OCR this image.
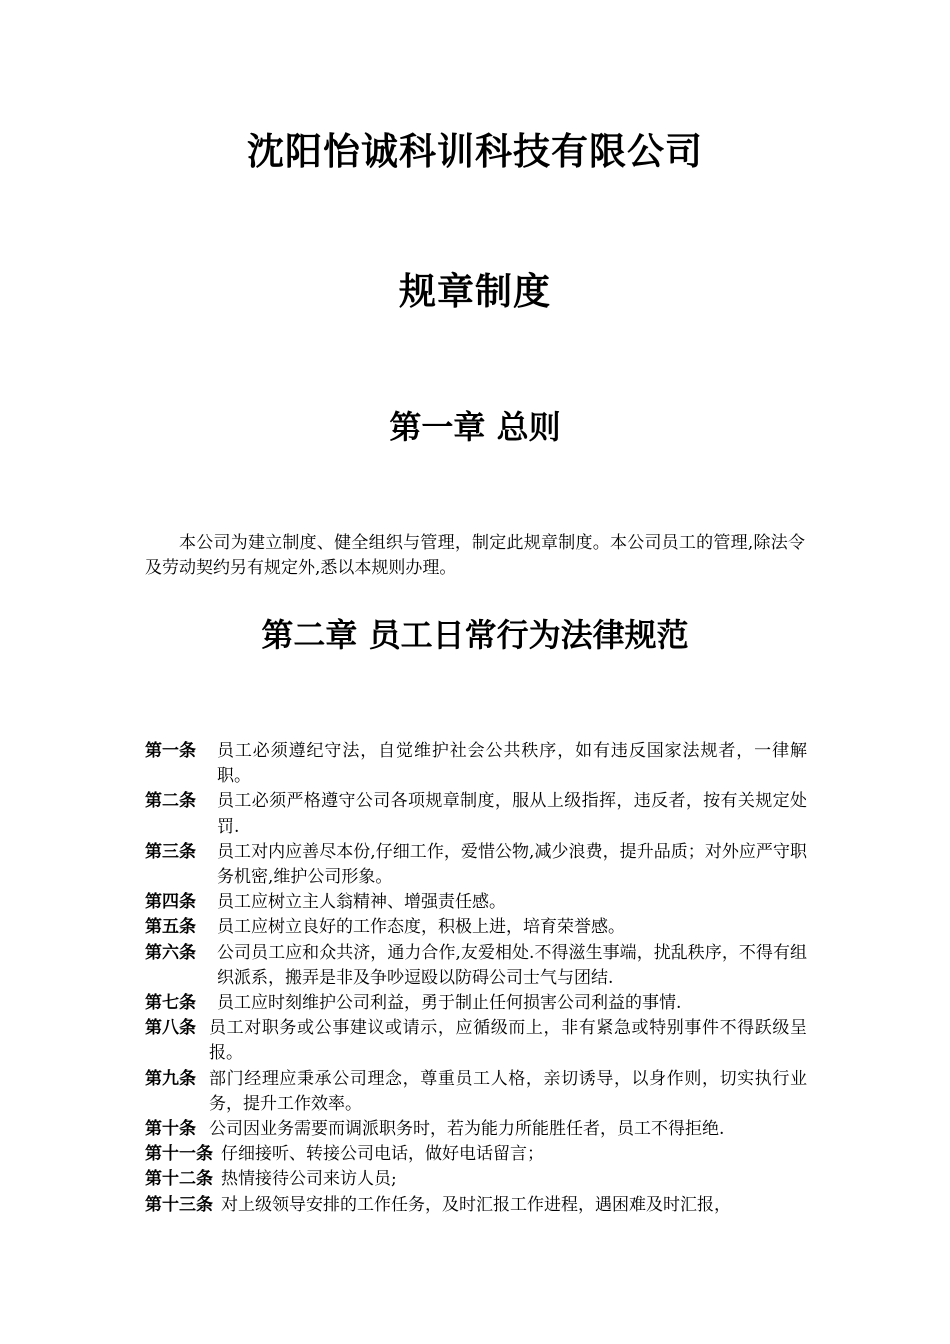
沈阳怡诚科训科技有限公司
规章制度
第一章 总则

本公司为建立制度、健全组织与管理，制定此规章制度。本公司员工的管理,除法令及劳动契约另有规定外,悉以本规则办理。

第二章 员工日常行为法律规范
第一条	员工必须遵纪守法，自觉维护社会公共秩序，如有违反国家法规者，一律解职。
第二条	员工必须严格遵守公司各项规章制度，服从上级指挥，违反者，按有关规定处罚.
第三条	员工对内应善尽本份,仔细工作，爱惜公物,减少浪费，提升品质；对外应严守职务机密,维护公司形象。
第四条	员工应树立主人翁精神、增强责任感。
第五条	员工应树立良好的工作态度，积极上进，培育荣誉感。
第六条	公司员工应和众共济，通力合作,友爱相处.不得滋生事端，扰乱秩序，不得有组织派系，搬弄是非及争吵逗殴以防碍公司士气与团结.
第七条	员工应时刻维护公司利益，勇于制止任何损害公司利益的事情.
第八条 员工对职务或公事建议或请示，应循级而上，非有紧急或特别事件不得跃级呈报。
第九条 部门经理应秉承公司理念，尊重员工人格，亲切诱导，以身作则，切实执行业务，提升工作效率。
第十条 公司因业务需要而调派职务时，若为能力所能胜任者，员工不得拒绝.
第十一条 仔细接听、转接公司电话，做好电话留言；
第十二条 热情接待公司来访人员;
第十三条 对上级领导安排的工作任务，及时汇报工作进程，遇困难及时汇报，
